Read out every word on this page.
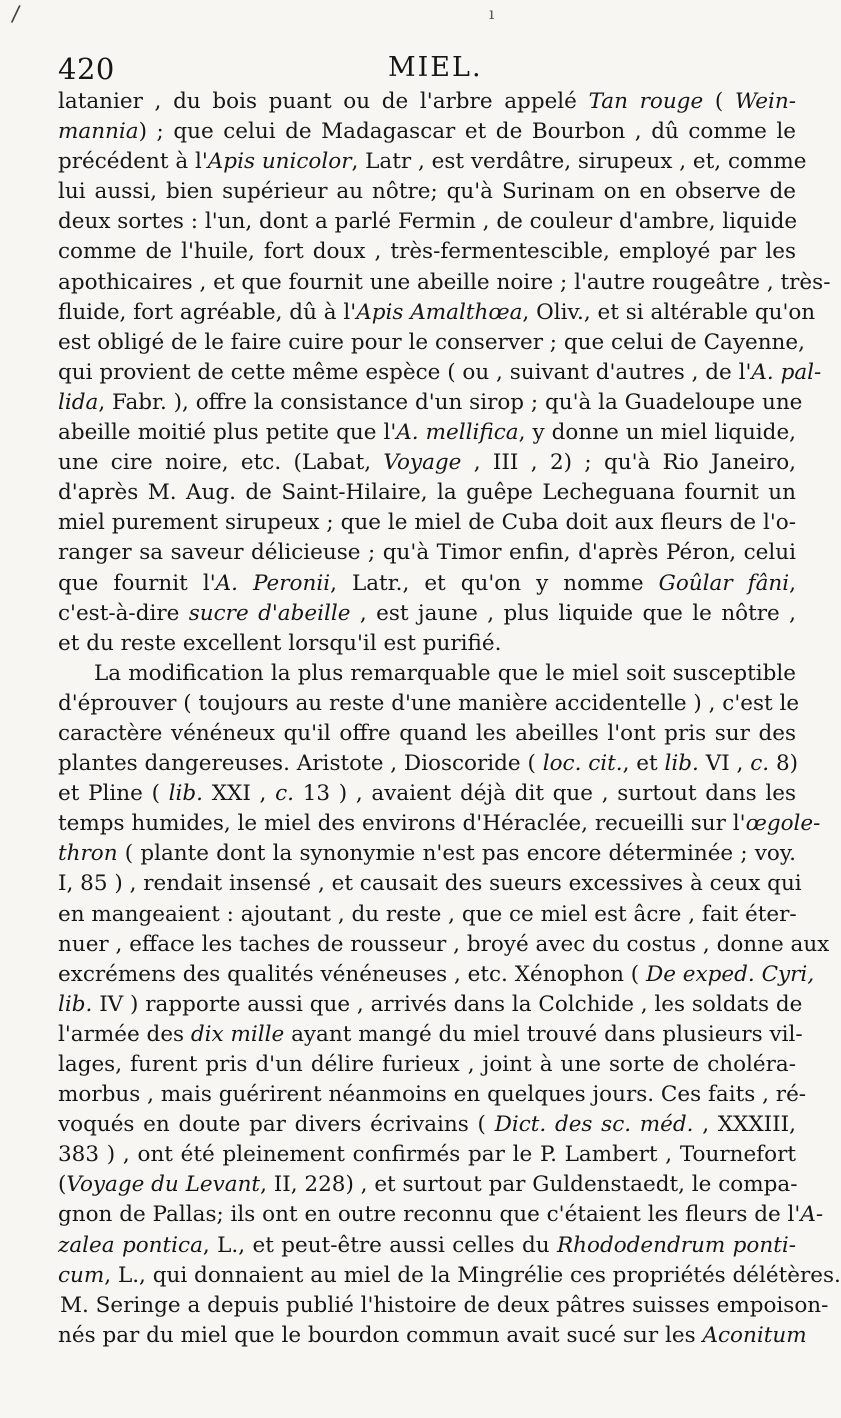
/	ı
420	MIEL.
latanier , du bois puant ou de l'arbre appelé Tan rouge ( Wein-
mannia) ; que celui de Madagascar et de Bourbon , dû comme le
précédent à l'Apis unicolor, Latr , est verdâtre, sirupeux , et, comme
lui aussi, bien supérieur au nôtre; qu'à Surinam on en observe de
deux sortes : l'un, dont a parlé Fermin , de couleur d'ambre, liquide
comme de l'huile, fort doux , très-fermentescible, employé par les
apothicaires , et que fournit une abeille noire ; l'autre rougeâtre , très-
fluide, fort agréable, dû à l'Apis Amalthœa, Oliv., et si altérable qu'on
est obligé de le faire cuire pour le conserver ; que celui de Cayenne,
qui provient de cette même espèce ( ou , suivant d'autres , de l'A. pal-
lida, Fabr. ), offre la consistance d'un sirop ; qu'à la Guadeloupe une
abeille moitié plus petite que l'A. mellifica, y donne un miel liquide,
une cire noire, etc. (Labat, Voyage , III , 2) ; qu'à Rio Janeiro,
d'après M. Aug. de Saint-Hilaire, la guêpe Lecheguana fournit un
miel purement sirupeux ; que le miel de Cuba doit aux fleurs de l'o-
ranger sa saveur délicieuse ; qu'à Timor enfin, d'après Péron, celui
que fournit l'A. Peronii, Latr., et qu'on y nomme Goûlar fâni,
c'est-à-dire sucre d'abeille , est jaune , plus liquide que le nôtre ,
et du reste excellent lorsqu'il est purifié.
La modification la plus remarquable que le miel soit susceptible
d'éprouver ( toujours au reste d'une manière accidentelle ) , c'est le
caractère vénéneux qu'il offre quand les abeilles l'ont pris sur des
plantes dangereuses. Aristote , Dioscoride ( loc. cit., et lib. VI , c. 8)
et Pline ( lib. XXI , c. 13 ) , avaient déjà dit que , surtout dans les
temps humides, le miel des environs d'Héraclée, recueilli sur l'œgole-
thron ( plante dont la synonymie n'est pas encore déterminée ; voy.
I, 85 ) , rendait insensé , et causait des sueurs excessives à ceux qui
en mangeaient : ajoutant , du reste , que ce miel est âcre , fait éter-
nuer , efface les taches de rousseur , broyé avec du costus , donne aux
excrémens des qualités vénéneuses , etc. Xénophon ( De exped. Cyri,
lib. IV ) rapporte aussi que , arrivés dans la Colchide , les soldats de
l'armée des dix mille ayant mangé du miel trouvé dans plusieurs vil-
lages, furent pris d'un délire furieux , joint à une sorte de choléra-
morbus , mais guérirent néanmoins en quelques jours. Ces faits , ré-
voqués en doute par divers écrivains ( Dict. des sc. méd. , XXXIII,
383 ) , ont été pleinement confirmés par le P. Lambert , Tournefort
(Voyage du Levant, II, 228) , et surtout par Guldenstaedt, le compa-
gnon de Pallas; ils ont en outre reconnu que c'étaient les fleurs de l'A-
zalea pontica, L., et peut-être aussi celles du Rhododendrum ponti-
cum, L., qui donnaient au miel de la Mingrélie ces propriétés délétères.
M. Seringe a depuis publié l'histoire de deux pâtres suisses empoison-
nés par du miel que le bourdon commun avait sucé sur les Aconitum
